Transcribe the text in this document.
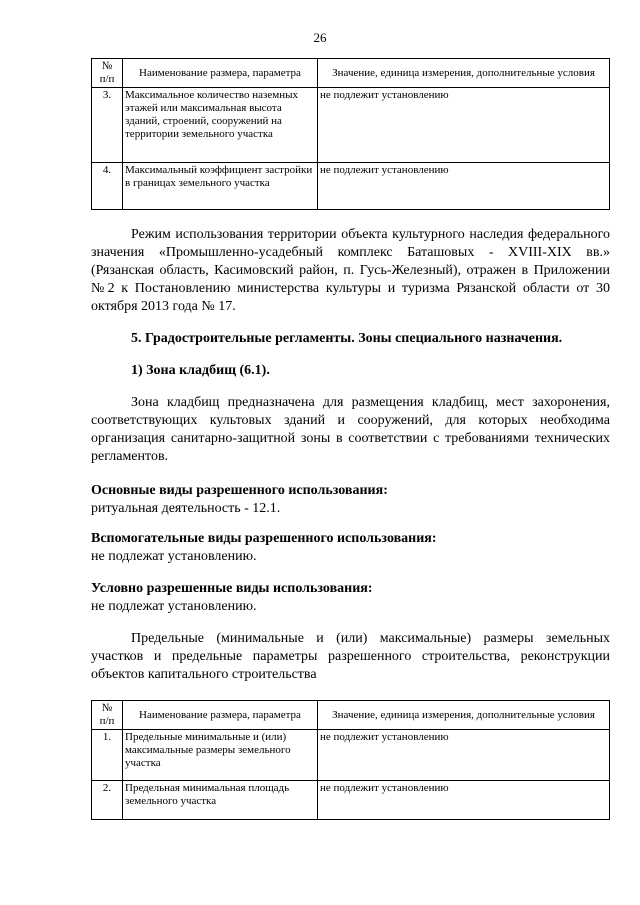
26
№
п/п	Наименование размера, параметра	Значение, единица измерения, дополнительные условия
3.	Максимальное количество наземных этажей или максимальная высота зданий, строений, сооружений на территории земельного участка	не подлежит установлению
4.	Максимальный коэффициент застройки в границах земельного участка	не подлежит установлению
Режим использования территории объекта культурного наследия федерального значения «Промышленно-усадебный комплекс Баташовых - XVIII-XIX вв.» (Рязанская область, Касимовский район, п. Гусь-Железный), отражен в Приложении №2 к Постановлению министерства культуры и туризма Рязанской области от 30 октября 2013 года № 17.
5. Градостроительные регламенты. Зоны специального назначения.
1) Зона кладбищ (6.1).
Зона кладбищ предназначена для размещения кладбищ, мест захоронения, соответствующих культовых зданий и сооружений, для которых необходима организация санитарно-защитной зоны в соответствии с требованиями технических регламентов.
Основные виды разрешенного использования:
ритуальная деятельность - 12.1.
Вспомогательные виды разрешенного использования:
не подлежат установлению.
Условно разрешенные виды использования:
не подлежат установлению.
Предельные (минимальные и (или) максимальные) размеры земельных участков и предельные параметры разрешенного строительства, реконструкции объектов капитального строительства
№
п/п	Наименование размера, параметра	Значение, единица измерения, дополнительные условия
1.	Предельные минимальные и (или) максимальные размеры земельного участка	не подлежит установлению
2.	Предельная минимальная площадь земельного участка	не подлежит установлению
